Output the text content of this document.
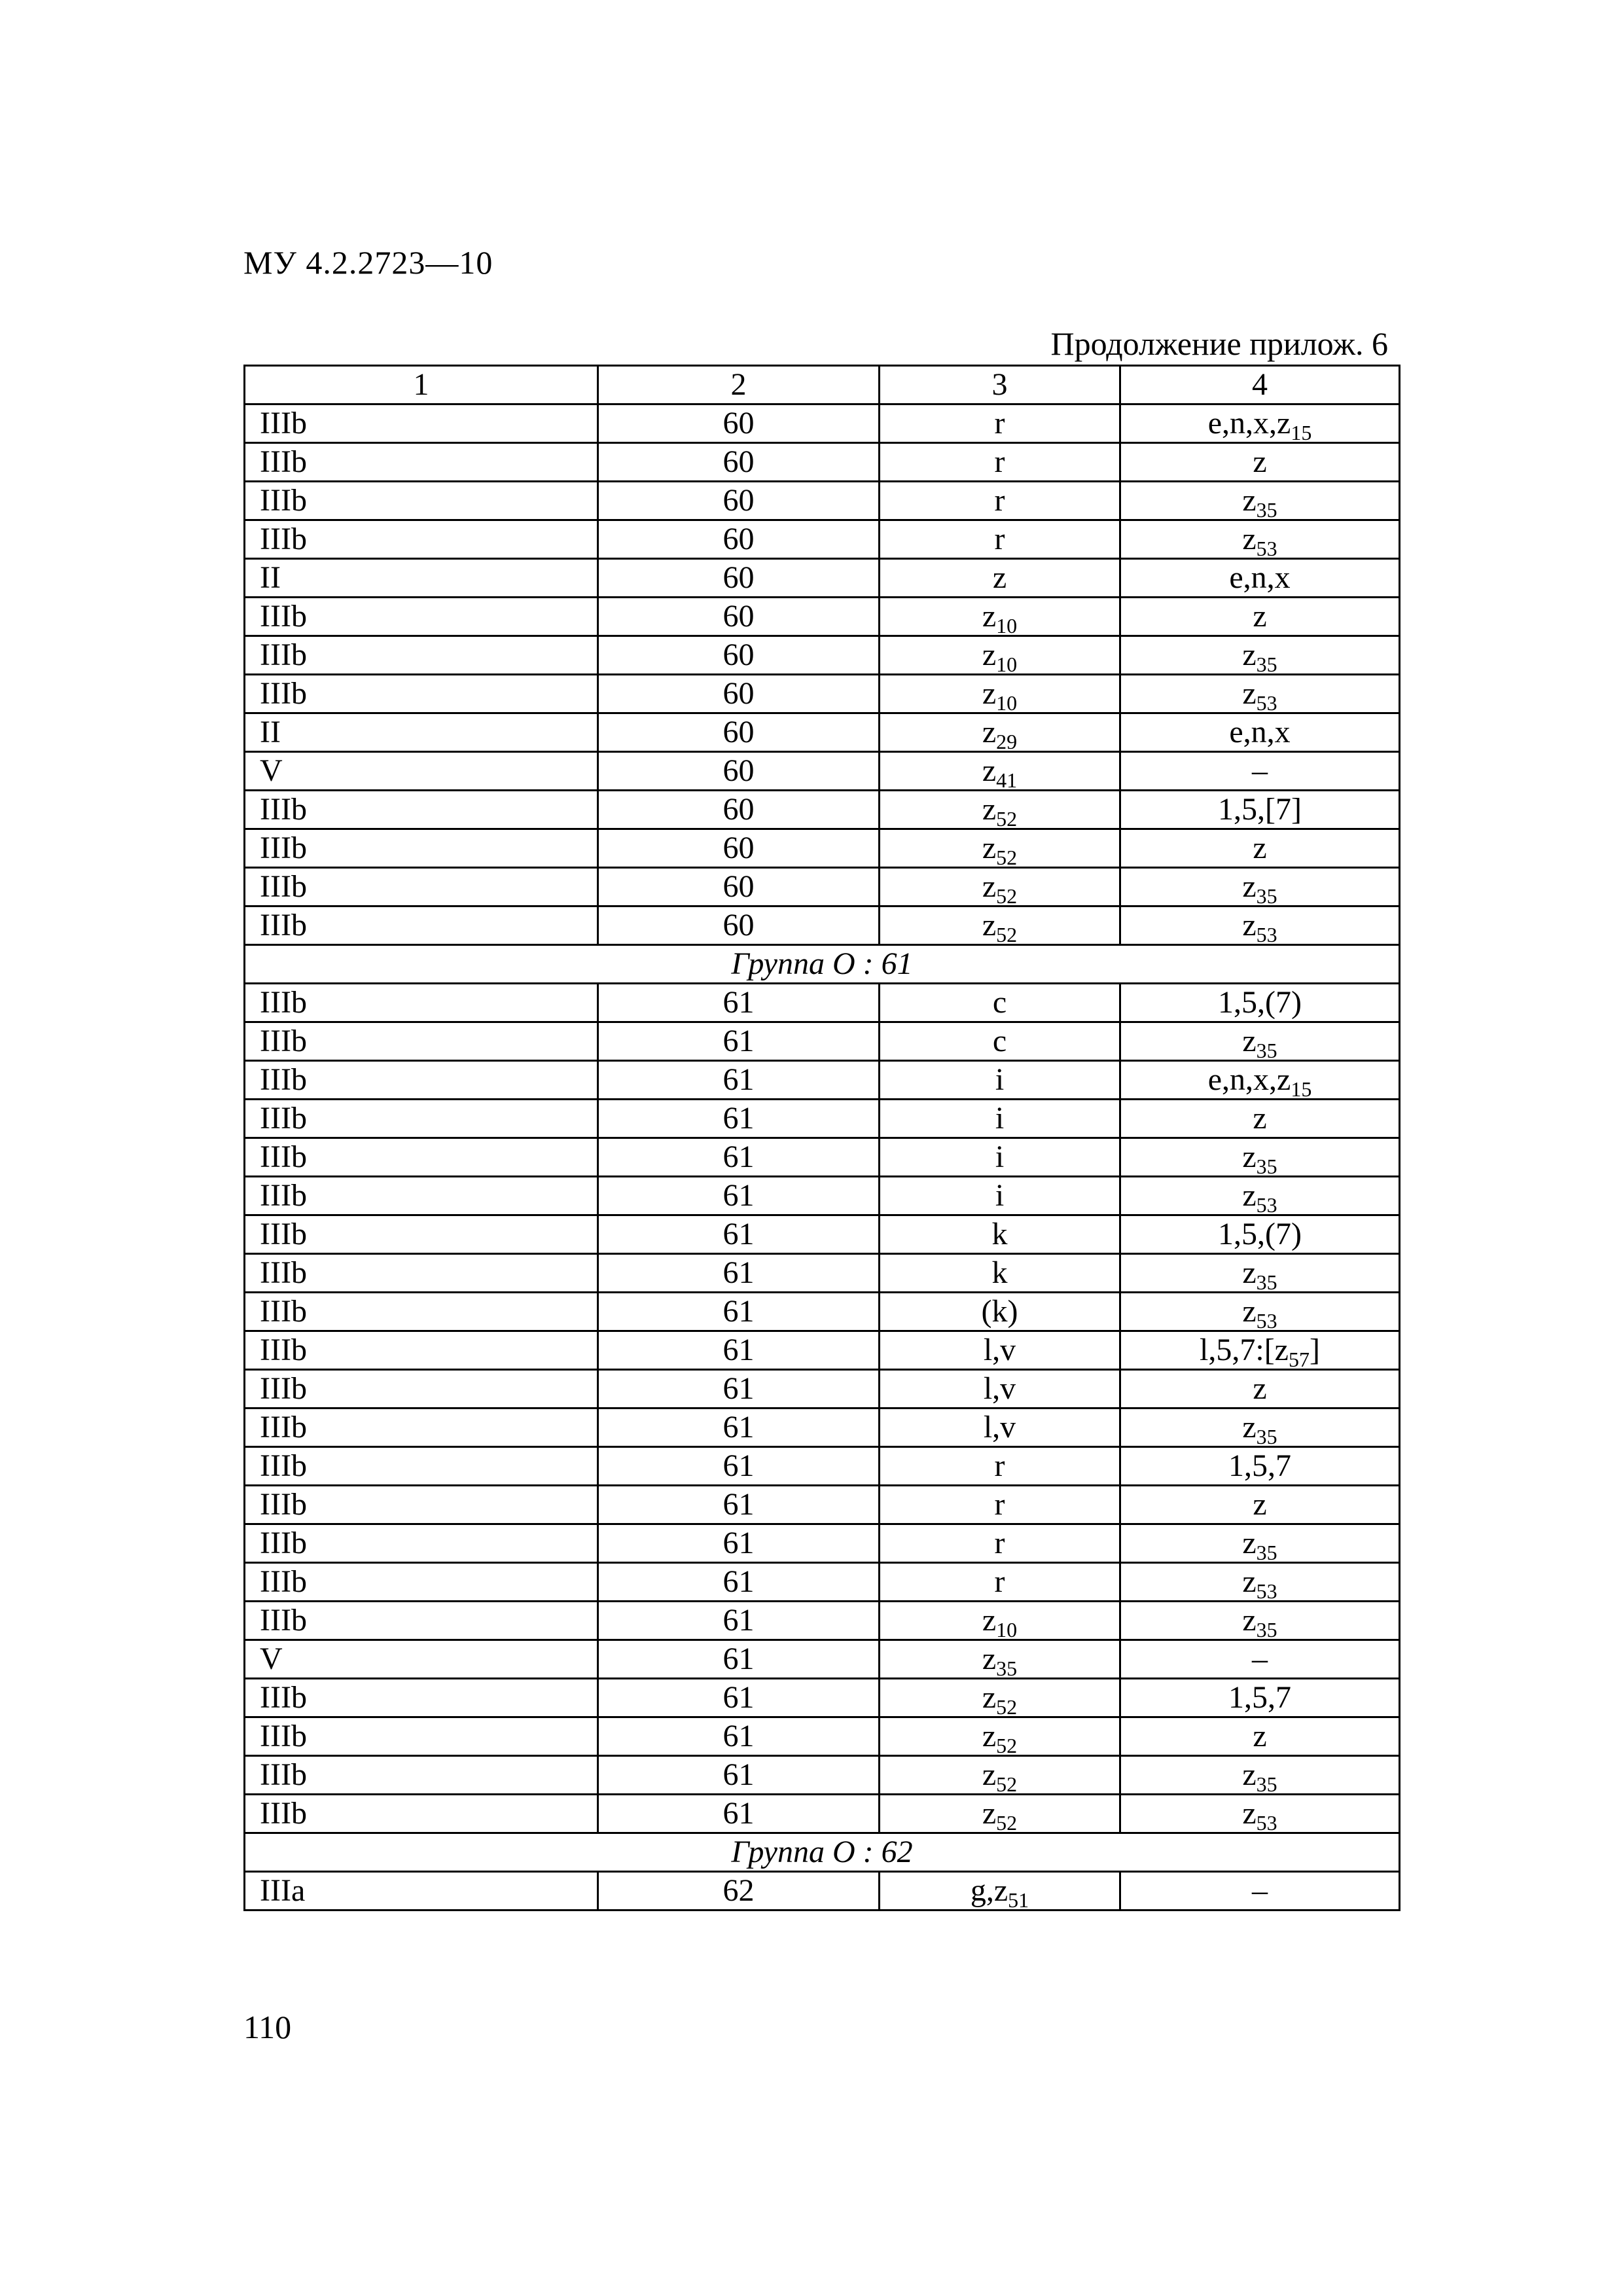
МУ 4.2.2723—10
Продолжение прилож. 6
1	2	3	4
IIIb	60	r	$e,n,x,z_{15}$
IIIb	60	r	z
IIIb	60	r	$z_{35}$
IIIb	60	r	$z_{53}$
II	60	z	e,n,x
IIIb	60	$z_{10}$	z
IIIb	60	$z_{10}$	$z_{35}$
IIIb	60	$z_{10}$	$z_{53}$
II	60	$z_{29}$	e,n,x
V	60	$z_{41}$	–
IIIb	60	$z_{52}$	1,5,[7]
IIIb	60	$z_{52}$	z
IIIb	60	$z_{52}$	$z_{35}$
IIIb	60	$z_{52}$	$z_{53}$
Группа O : 61			
IIIb	61	c	1,5,(7)
IIIb	61	c	$z_{35}$
IIIb	61	i	$e,n,x,z_{15}$
IIIb	61	i	z
IIIb	61	i	$z_{35}$
IIIb	61	i	$z_{53}$
IIIb	61	k	1,5,(7)
IIIb	61	k	$z_{35}$
IIIb	61	(k)	$z_{53}$
IIIb	61	l,v	$l,5,7:[z_{57}]$
IIIb	61	l,v	z
IIIb	61	l,v	$z_{35}$
IIIb	61	r	1,5,7
IIIb	61	r	z
IIIb	61	r	$z_{35}$
IIIb	61	r	$z_{53}$
IIIb	61	$z_{10}$	$z_{35}$
V	61	$z_{35}$	–
IIIb	61	$z_{52}$	1,5,7
IIIb	61	$z_{52}$	z
IIIb	61	$z_{52}$	$z_{35}$
IIIb	61	$z_{52}$	$z_{53}$
Группа O : 62			
IIIa	62	$g,z_{51}$	–
110
